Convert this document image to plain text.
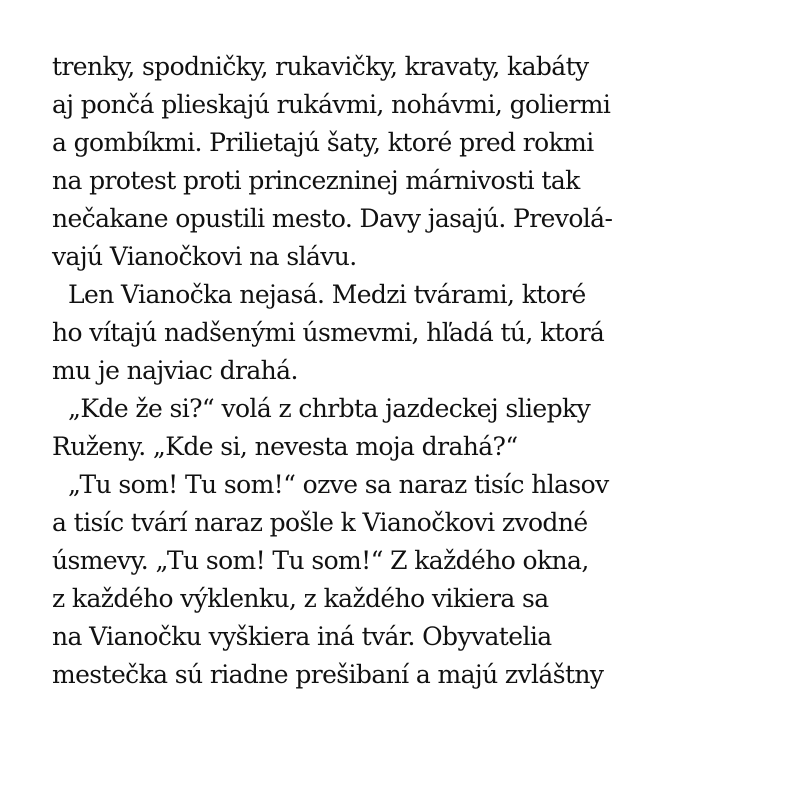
trenky, spodničky, rukavičky, kravaty, kabáty
aj pončá plieskajú rukávmi, nohávmi, goliermi
a gombíkmi. Prilietajú šaty, ktoré pred rokmi
na protest proti princezninej márnivosti tak
nečakane opustili mesto. Davy jasajú. Prevolá-
vajú Vianočkovi na slávu.
Len Vianočka nejasá. Medzi tvárami, ktoré
ho vítajú nadšenými úsmevmi, hľadá tú, ktorá
mu je najviac drahá.
„Kde že si?“ volá z chrbta jazdeckej sliepky
Ruženy. „Kde si, nevesta moja drahá?“
„Tu som! Tu som!“ ozve sa naraz tisíc hlasov
a tisíc tvárí naraz pošle k Vianočkovi zvodné
úsmevy. „Tu som! Tu som!“ Z každého okna,
z každého výklenku, z každého vikiera sa
na Vianočku vyškiera iná tvár. Obyvatelia
mestečka sú riadne prešibaní a majú zvláštny
